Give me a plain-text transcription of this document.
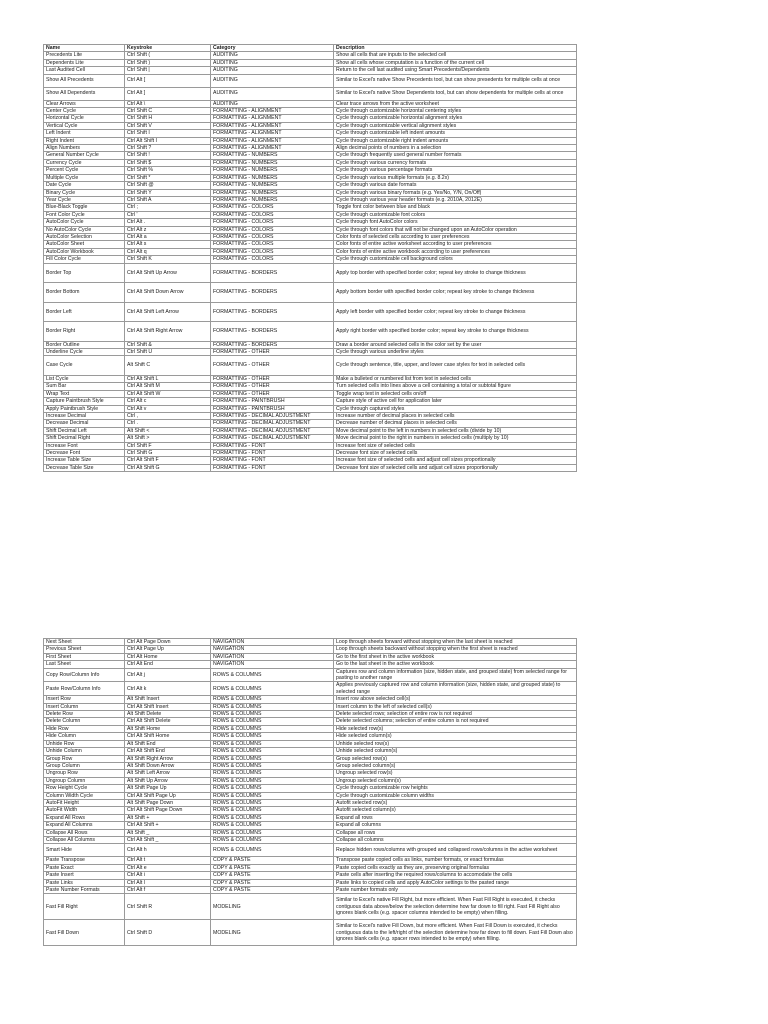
Name	Keystroke	Category	Description
Precedents Lite	Ctrl Shift (	AUDITING	Show all cells that are inputs to the selected cell
Dependents Lite	Ctrl Shift )	AUDITING	Show all cells whose computation is a function of the current cell
Last Audited Cell	Ctrl Shift |	AUDITING	Return to the cell last audited using Smart Precedents/Dependents
Show All Precedents	Ctrl Alt [	AUDITING	Similar to Excel's native Show Precedents tool, but can show presedents for multiple cells at once
Show All Dependents	Ctrl Alt ]	AUDITING	Similar to Excel's native Show Dependents tool, but can show dependents for multiple cells at once
Clear Arrows	Ctrl Alt \	AUDITING	Clear trace arrows from the active worksheet
Center Cycle	Ctrl Shift C	FORMATTING - ALIGNMENT	Cycle through customizable horizontal centering styles
Horizontal Cycle	Ctrl Shift H	FORMATTING - ALIGNMENT	Cycle through customizable horizontal alignment styles
Vertical Cycle	Ctrl Shift V	FORMATTING - ALIGNMENT	Cycle through customizable vertical alignment styles
Left Indent	Ctrl Shift I	FORMATTING - ALIGNMENT	Cycle through customizable left indent amounts
Right Indent	Ctrl Alt Shift I	FORMATTING - ALIGNMENT	Cycle through customizable right indent amounts
Align Numbers	Ctrl Shift ?	FORMATTING - ALIGNMENT	Align decimal points of numbers in a selection
General Number Cycle	Ctrl Shift !	FORMATTING - NUMBERS	Cycle through frequently used general number formats
Currency Cycle	Ctrl Shift $	FORMATTING - NUMBERS	Cycle through various currency formats
Percent Cycle	Ctrl Shift %	FORMATTING - NUMBERS	Cycle through various percentage formats
Multiple Cycle	Ctrl Shift *	FORMATTING - NUMBERS	Cycle through various multiple formats (e.g. 8.2x)
Date Cycle	Ctrl Shift @	FORMATTING - NUMBERS	Cycle through various date formats
Binary Cycle	Ctrl Shift Y	FORMATTING - NUMBERS	Cycle through various binary formats (e.g. Yes/No, Y/N, On/Off)
Year Cycle	Ctrl Shift A	FORMATTING - NUMBERS	Cycle through various year header formats (e.g. 2010A, 2012E)
Blue-Black Toggle	Ctrl ;	FORMATTING - COLORS	Toggle font color between blue and black
Font Color Cycle	Ctrl '	FORMATTING - COLORS	Cycle through customizable font colors
AutoColor Cycle	Ctrl Alt .	FORMATTING - COLORS	Cycle through font AutoColor colors
No AutoColor Cycle	Ctrl Alt z	FORMATTING - COLORS	Cycle through font colors that will not be changed upon an AutoColor operation
AutoColor Selection	Ctrl Alt a	FORMATTING - COLORS	Color fonts of selected cells according to user preferences
AutoColor Sheet	Ctrl Alt s	FORMATTING - COLORS	Color fonts of entire active worksheet according to user preferences
AutoColor Workbook	Ctrl Alt q	FORMATTING - COLORS	Color fonts of entire active workbook according to user preferences
Fill Color Cycle	Ctrl Shift K	FORMATTING - COLORS	Cycle through customizable cell background colors
Border Top	Ctrl Alt Shift Up Arrow	FORMATTING - BORDERS	Apply top border with specified border color; repeat key stroke to change thickness
Border Bottom	Ctrl Alt Shift Down Arrow	FORMATTING - BORDERS	Apply bottom border with specified border color; repeat key stroke to change thickness
Border Left	Ctrl Alt Shift Left Arrow	FORMATTING - BORDERS	Apply left border with specified border color; repeat key stroke to change thickness
Border Right	Ctrl Alt Shift Right Arrow	FORMATTING - BORDERS	Apply right border with specified border color; repeat key stroke to change thickness
Border Outline	Ctrl Shift &	FORMATTING - BORDERS	Draw a border around selected cells in the color set by the user
Underline Cycle	Ctrl Shift U	FORMATTING - OTHER	Cycle through various underline styles
Case Cycle	Alt Shift C	FORMATTING - OTHER	Cycle through sentence, title, upper, and lower case styles for text in selected cells
List Cycle	Ctrl Alt Shift L	FORMATTING - OTHER	Make a bulleted or numbered list from text in selected cells
Sum Bar	Ctrl Alt Shift M	FORMATTING - OTHER	Turn selected cells into lines above a cell containing a total or subtotal figure
Wrap Text	Ctrl Alt Shift W	FORMATTING - OTHER	Toggle wrap text in selected cells on/off
Capture Paintbrush Style	Ctrl Alt c	FORMATTING - PAINTBRUSH	Capture style of active cell for application later
Apply Paintbrush Style	Ctrl Alt v	FORMATTING - PAINTBRUSH	Cycle through captured styles
Increase Decimal	Ctrl ,	FORMATTING - DECIMAL ADJUSTMENT	Increase number of decimal places in selected cells
Decrease Decimal	Ctrl .	FORMATTING - DECIMAL ADJUSTMENT	Decrease number of decimal places in selected cells
Shift Decimal Left	Alt Shift <	FORMATTING - DECIMAL ADJUSTMENT	Move decimal point to the left in numbers in selected cells (divide by 10)
Shift Decimal Right	Alt Shift >	FORMATTING - DECIMAL ADJUSTMENT	Move decimal point to the right in numbers in selected cells (multiply by 10)
Increase Font	Ctrl Shift F	FORMATTING - FONT	Increase font size of selected cells
Decrease Font	Ctrl Shift G	FORMATTING - FONT	Decrease font size of selected cells
Increase Table Size	Ctrl Alt Shift F	FORMATTING - FONT	Increase font size of selected cells and adjust cell sizes proportionally
Decrease Table Size	Ctrl Alt Shift G	FORMATTING - FONT	Decrease font size of selected cells and adjust cell sizes proportionally
Next Sheet	Ctrl Alt Page Down	NAVIGATION	Loop through sheets forward without stopping when the last sheet is reached
Previous Sheet	Ctrl Alt Page Up	NAVIGATION	Loop through sheets backward without stopping when the first sheet is reached
First Sheet	Ctrl Alt Home	NAVIGATION	Go to the first sheet in the active workbook
Last Sheet	Ctrl Alt End	NAVIGATION	Go to the last sheet in the active workbook
Copy Row/Column Info	Ctrl Alt j	ROWS & COLUMNS	Captures row and column information (size, hidden state, and grouped state) from selected range for pasting to another range
Paste Row/Column Info	Ctrl Alt k	ROWS & COLUMNS	Applies previously captured row and column information (size, hidden state, and grouped state) to selected range
Insert Row	Alt Shift Insert	ROWS & COLUMNS	Insert row above selected cell(s)
Insert Column	Ctrl Alt Shift Insert	ROWS & COLUMNS	Insert column to the left of selected cell(s)
Delete Row	Alt Shift Delete	ROWS & COLUMNS	Delete selected rows; selection of entire row is not required
Delete Column	Ctrl Alt Shift Delete	ROWS & COLUMNS	Delete selected columns; selection of entire column is not required
Hide Row	Alt Shift Home	ROWS & COLUMNS	Hide selected row(s)
Hide Column	Ctrl Alt Shift Home	ROWS & COLUMNS	Hide selected column(s)
Unhide Row	Alt Shift End	ROWS & COLUMNS	Unhide selected row(s)
Unhide Column	Ctrl Alt Shift End	ROWS & COLUMNS	Unhide selected column(s)
Group Row	Alt Shift Right Arrow	ROWS & COLUMNS	Group selected row(s)
Group Column	Alt Shift Down Arrow	ROWS & COLUMNS	Group selected column(s)
Ungroup Row	Alt Shift Left Arrow	ROWS & COLUMNS	Ungroup selected row(s)
Ungroup Column	Alt Shift Up Arrow	ROWS & COLUMNS	Ungroup selected column(s)
Row Height Cycle	Alt Shift Page Up	ROWS & COLUMNS	Cycle through customizable row heights
Column Width Cycle	Ctrl Alt Shift Page Up	ROWS & COLUMNS	Cycle through customizable column widths
AutoFit Height	Alt Shift Page Down	ROWS & COLUMNS	Autofit selected row(s)
AutoFit Width	Ctrl Alt Shift Page Down	ROWS & COLUMNS	Autofit selected column(s)
Expand All Rows	Alt Shift +	ROWS & COLUMNS	Expand all rows
Expand All Columns	Ctrl Alt Shift +	ROWS & COLUMNS	Expand all columns
Collapse All Rows	Alt Shift _	ROWS & COLUMNS	Collapse all rows
Collapse All Columns	Ctrl Alt Shift _	ROWS & COLUMNS	Collapse all columns
Smart Hide	Ctrl Alt h	ROWS & COLUMNS	Replace hidden rows/columns with grouped and collapsed rows/columns in the active worksheet
Paste Transpose	Ctrl Alt t	COPY & PASTE	Transpose paste copied cells as links, number formats, or exact formulas
Paste Exact	Ctrl Alt e	COPY & PASTE	Paste copied cells exactly as they are, preserving original formulas
Paste Insert	Ctrl Alt i	COPY & PASTE	Paste cells after inserting the required rows/columns to accomodate the cells
Paste Links	Ctrl Alt l	COPY & PASTE	Paste links to copied cells and apply AutoColor settings to the pasted range
Paste Number Formats	Ctrl Alt f	COPY & PASTE	Paste number formats only
Fast Fill Right	Ctrl Shift R	MODELING	Similar to Excel's native Fill Right, but more efficient. When Fast Fill Right is executed, it checks contiguous data above/below the selection determine how far down to fill right. Fast Fill Right also ignores blank cells (e.g. spacer columns intended to be empty) when filling.
Fast Fill Down	Ctrl Shift D	MODELING	Similar to Excel's native Fill Down, but more efficient. When Fast Fill Down is executed, it checks contiguous data to the left/right of the selection determine how far down to fill down. Fast Fill Down also ignores blank cells (e.g. spacer rows intended to be empty) when filling.
